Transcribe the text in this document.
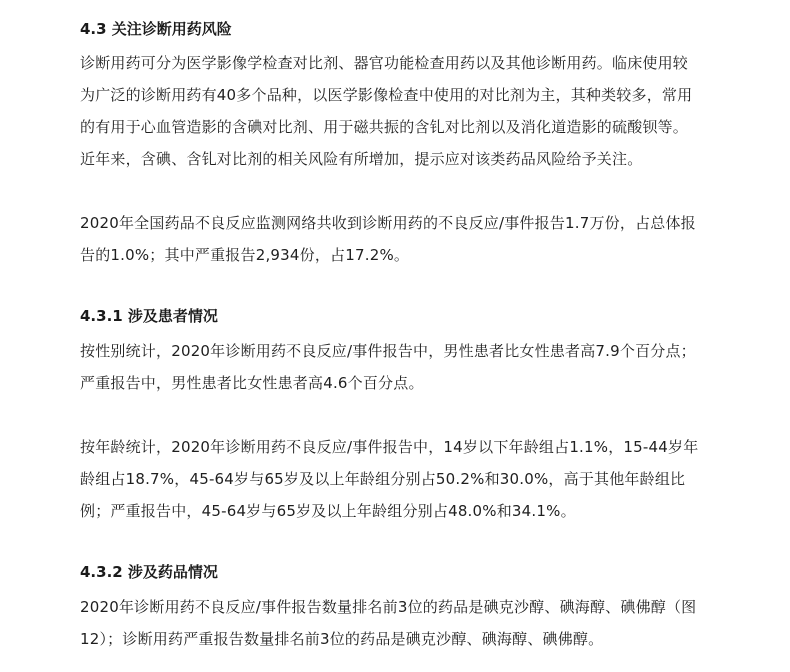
4.3 关注诊断用药风险
诊断用药可分为医学影像学检查对比剂、器官功能检查用药以及其他诊断用药。临床使用较
为广泛的诊断用药有40多个品种，以医学影像检查中使用的对比剂为主，其种类较多，常用
的有用于心血管造影的含碘对比剂、用于磁共振的含钆对比剂以及消化道造影的硫酸钡等。
近年来，含碘、含钆对比剂的相关风险有所增加，提示应对该类药品风险给予关注。
2020年全国药品不良反应监测网络共收到诊断用药的不良反应/事件报告1.7万份，占总体报
告的1.0%；其中严重报告2,934份，占17.2%。
4.3.1 涉及患者情况
按性别统计，2020年诊断用药不良反应/事件报告中，男性患者比女性患者高7.9个百分点；
严重报告中，男性患者比女性患者高4.6个百分点。
按年龄统计，2020年诊断用药不良反应/事件报告中，14岁以下年龄组占1.1%，15-44岁年
龄组占18.7%，45-64岁与65岁及以上年龄组分别占50.2%和30.0%，高于其他年龄组比
例；严重报告中，45-64岁与65岁及以上年龄组分别占48.0%和34.1%。
4.3.2 涉及药品情况
2020年诊断用药不良反应/事件报告数量排名前3位的药品是碘克沙醇、碘海醇、碘佛醇（图
12）；诊断用药严重报告数量排名前3位的药品是碘克沙醇、碘海醇、碘佛醇。
